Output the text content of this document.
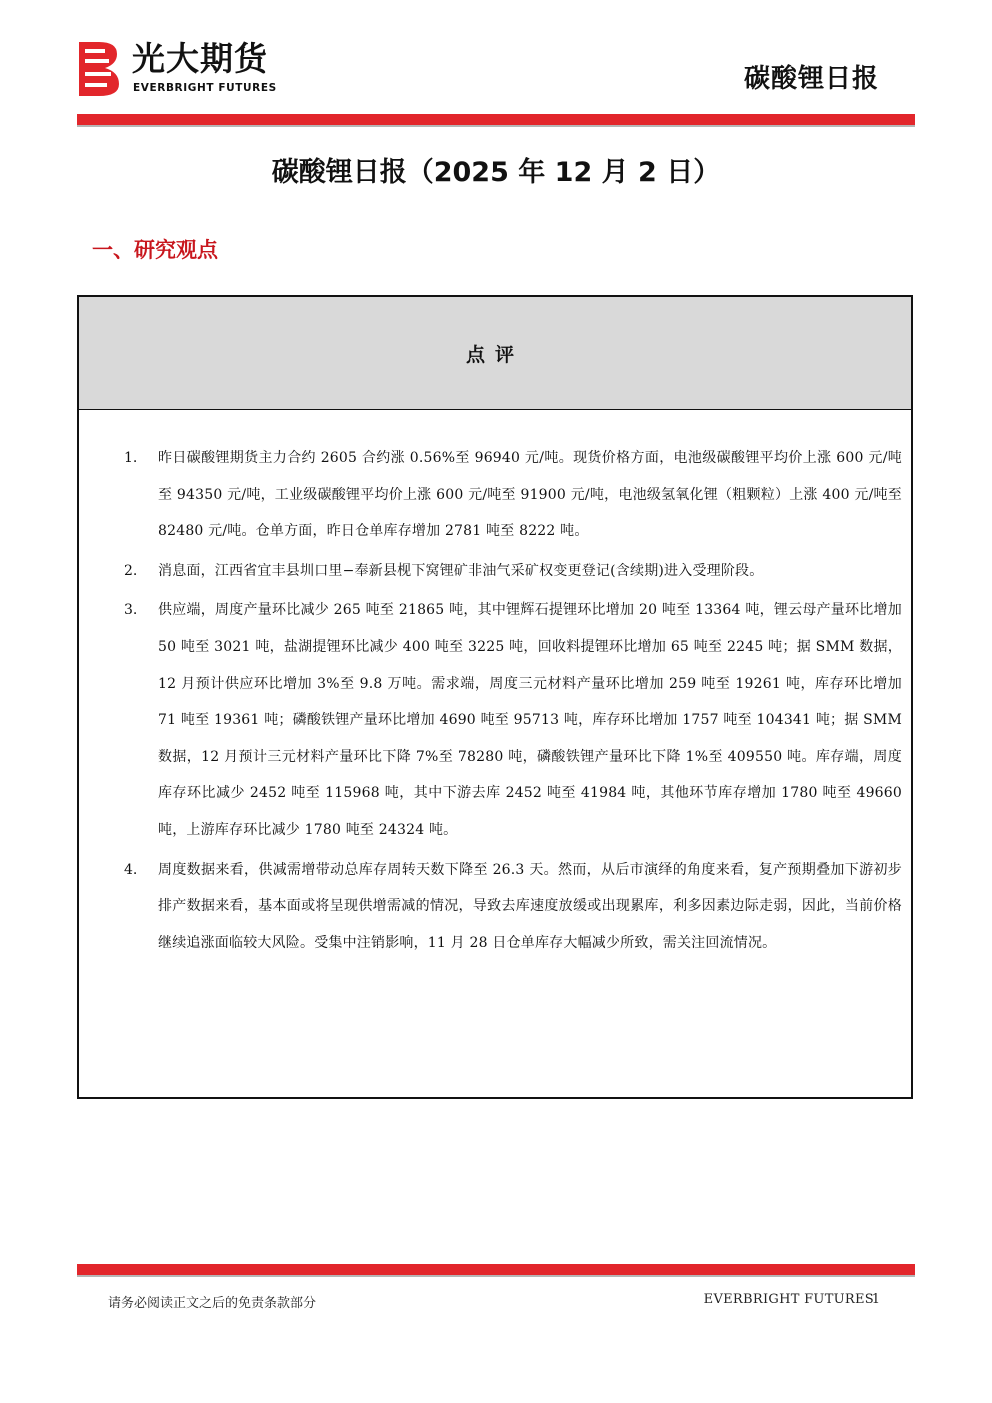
光大期货
EVERBRIGHT FUTURES	碳酸锂日报
碳酸锂日报（2025 年 12 月 2 日）
一、研究观点
点评
1. 昨日碳酸锂期货主力合约 2605 合约涨 0.56%至 96940 元/吨。现货价格方面，电池级碳酸锂平均价上涨 600 元/吨至 94350 元/吨，工业级碳酸锂平均价上涨 600 元/吨至 91900 元/吨，电池级氢氧化锂（粗颗粒）上涨 400 元/吨至 82480 元/吨。仓单方面，昨日仓单库存增加 2781 吨至 8222 吨。
2. 消息面，江西省宜丰县圳口里−奉新县枧下窝锂矿非油气采矿权变更登记(含续期)进入受理阶段。
3. 供应端，周度产量环比减少 265 吨至 21865 吨，其中锂辉石提锂环比增加 20 吨至 13364 吨，锂云母产量环比增加 50 吨至 3021 吨，盐湖提锂环比减少 400 吨至 3225 吨，回收料提锂环比增加 65 吨至 2245 吨；据 SMM 数据，12 月预计供应环比增加 3%至 9.8 万吨。需求端，周度三元材料产量环比增加 259 吨至 19261 吨，库存环比增加 71 吨至 19361 吨；磷酸铁锂产量环比增加 4690 吨至 95713 吨，库存环比增加 1757 吨至 104341 吨；据 SMM 数据，12 月预计三元材料产量环比下降 7%至 78280 吨，磷酸铁锂产量环比下降 1%至 409550 吨。库存端，周度库存环比减少 2452 吨至 115968 吨，其中下游去库 2452 吨至 41984 吨，其他环节库存增加 1780 吨至 49660 吨，上游库存环比减少 1780 吨至 24324 吨。
4. 周度数据来看，供减需增带动总库存周转天数下降至 26.3 天。然而，从后市演绎的角度来看，复产预期叠加下游初步排产数据来看，基本面或将呈现供增需减的情况，导致去库速度放缓或出现累库，利多因素边际走弱，因此，当前价格继续追涨面临较大风险。受集中注销影响，11 月 28 日仓单库存大幅减少所致，需关注回流情况。
请务必阅读正文之后的免责条款部分	EVERBRIGHT FUTURES
1
